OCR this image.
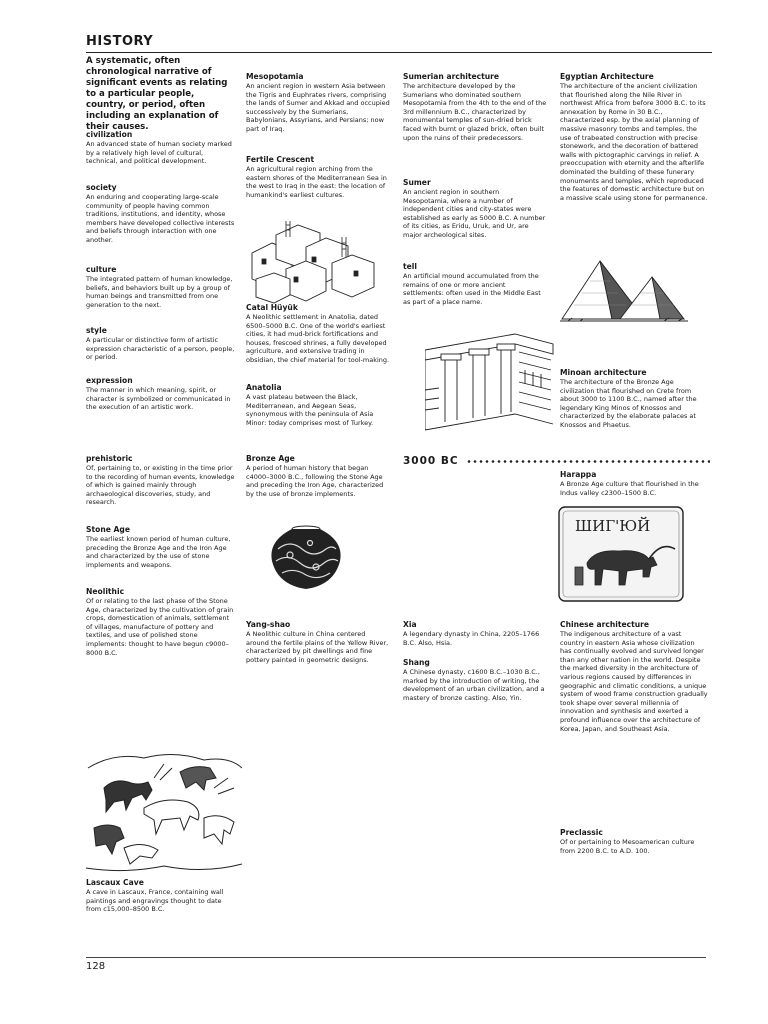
HISTORY
A systematic, often chronological narrative of significant events as relating to a particular people, country, or period, often including an explanation of their causes.
civilization
An advanced state of human society marked by a relatively high level of cultural, technical, and political development.
society
An enduring and cooperating large-scale community of people having common traditions, institutions, and identity, whose members have developed collective interests and beliefs through interaction with one another.
culture
The integrated pattern of human knowledge, beliefs, and behaviors built up by a group of human beings and transmitted from one generation to the next.
style
A particular or distinctive form of artistic expression characteristic of a person, people, or period.
expression
The manner in which meaning, spirit, or character is symbolized or communicated in the execution of an artistic work.
prehistoric
Of, pertaining to, or existing in the time prior to the recording of human events, knowledge of which is gained mainly through archaeological discoveries, study, and research.
Stone Age
The earliest known period of human culture, preceding the Bronze Age and the Iron Age and characterized by the use of stone implements and weapons.
Neolithic
Of or relating to the last phase of the Stone Age, characterized by the cultivation of grain crops, domestication of animals, settlement of villages, manufacture of pottery and textiles, and use of polished stone implements: thought to have begun c9000–8000 B.C.
Lascaux Cave
A cave in Lascaux, France, containing wall paintings and engravings thought to date from c15,000–8500 B.C.
Mesopotamia
An ancient region in western Asia between the Tigris and Euphrates rivers, comprising the lands of Sumer and Akkad and occupied successively by the Sumerians, Babylonians, Assyrians, and Persians; now part of Iraq.
Fertile Crescent
An agricultural region arching from the eastern shores of the Mediterranean Sea in the west to Iraq in the east: the location of humankind's earliest cultures.
Catal Hüyük
A Neolithic settlement in Anatolia, dated 6500–5000 B.C. One of the world's earliest cities, it had mud-brick fortifications and houses, frescoed shrines, a fully developed agriculture, and extensive trading in obsidian, the chief material for tool-making.
Anatolia
A vast plateau between the Black, Mediterranean, and Aegean Seas, synonymous with the peninsula of Asia Minor: today comprises most of Turkey.
Bronze Age
A period of human history that began c4000–3000 B.C., following the Stone Age and preceding the Iron Age, characterized by the use of bronze implements.
Yang-shao
A Neolithic culture in China centered around the fertile plains of the Yellow River, characterized by pit dwellings and fine pottery painted in geometric designs.
Sumerian architecture
The architecture developed by the Sumerians who dominated southern Mesopotamia from the 4th to the end of the 3rd millennium B.C., characterized by monumental temples of sun-dried brick faced with burnt or glazed brick, often built upon the ruins of their predecessors.
Sumer
An ancient region in southern Mesopotamia, where a number of independent cities and city-states were established as early as 5000 B.C. A number of its cities, as Eridu, Uruk, and Ur, are major archeological sites.
tell
An artificial mound accumulated from the remains of one or more ancient settlements: often used in the Middle East as part of a place name.
3000 BC
Xia
A legendary dynasty in China, 2205–1766 B.C. Also, Hsia.
Shang
A Chinese dynasty, c1600 B.C.–1030 B.C., marked by the introduction of writing, the development of an urban civilization, and a mastery of bronze casting. Also, Yin.
Egyptian Architecture
The architecture of the ancient civilization that flourished along the Nile River in northwest Africa from before 3000 B.C. to its annexation by Rome in 30 B.C., characterized esp. by the axial planning of massive masonry tombs and temples, the use of trabeated construction with precise stonework, and the decoration of battered walls with pictographic carvings in relief. A preoccupation with eternity and the afterlife dominated the building of these funerary monuments and temples, which reproduced the features of domestic architecture but on a massive scale using stone for permanence.
Minoan architecture
The architecture of the Bronze Age civilization that flourished on Crete from about 3000 to 1100 B.C., named after the legendary King Minos of Knossos and characterized by the elaborate palaces at Knossos and Phaetus.
Harappa
A Bronze Age culture that flourished in the Indus valley c2300–1500 B.C.
ШИГ'ЮЙ
Chinese architecture
The indigenous architecture of a vast country in eastern Asia whose civilization has continually evolved and survived longer than any other nation in the world. Despite the marked diversity in the architecture of various regions caused by differences in geographic and climatic conditions, a unique system of wood frame construction gradually took shape over several millennia of innovation and synthesis and exerted a profound influence over the architecture of Korea, Japan, and Southeast Asia.
Preclassic
Of or pertaining to Mesoamerican culture from 2200 B.C. to A.D. 100.
128
